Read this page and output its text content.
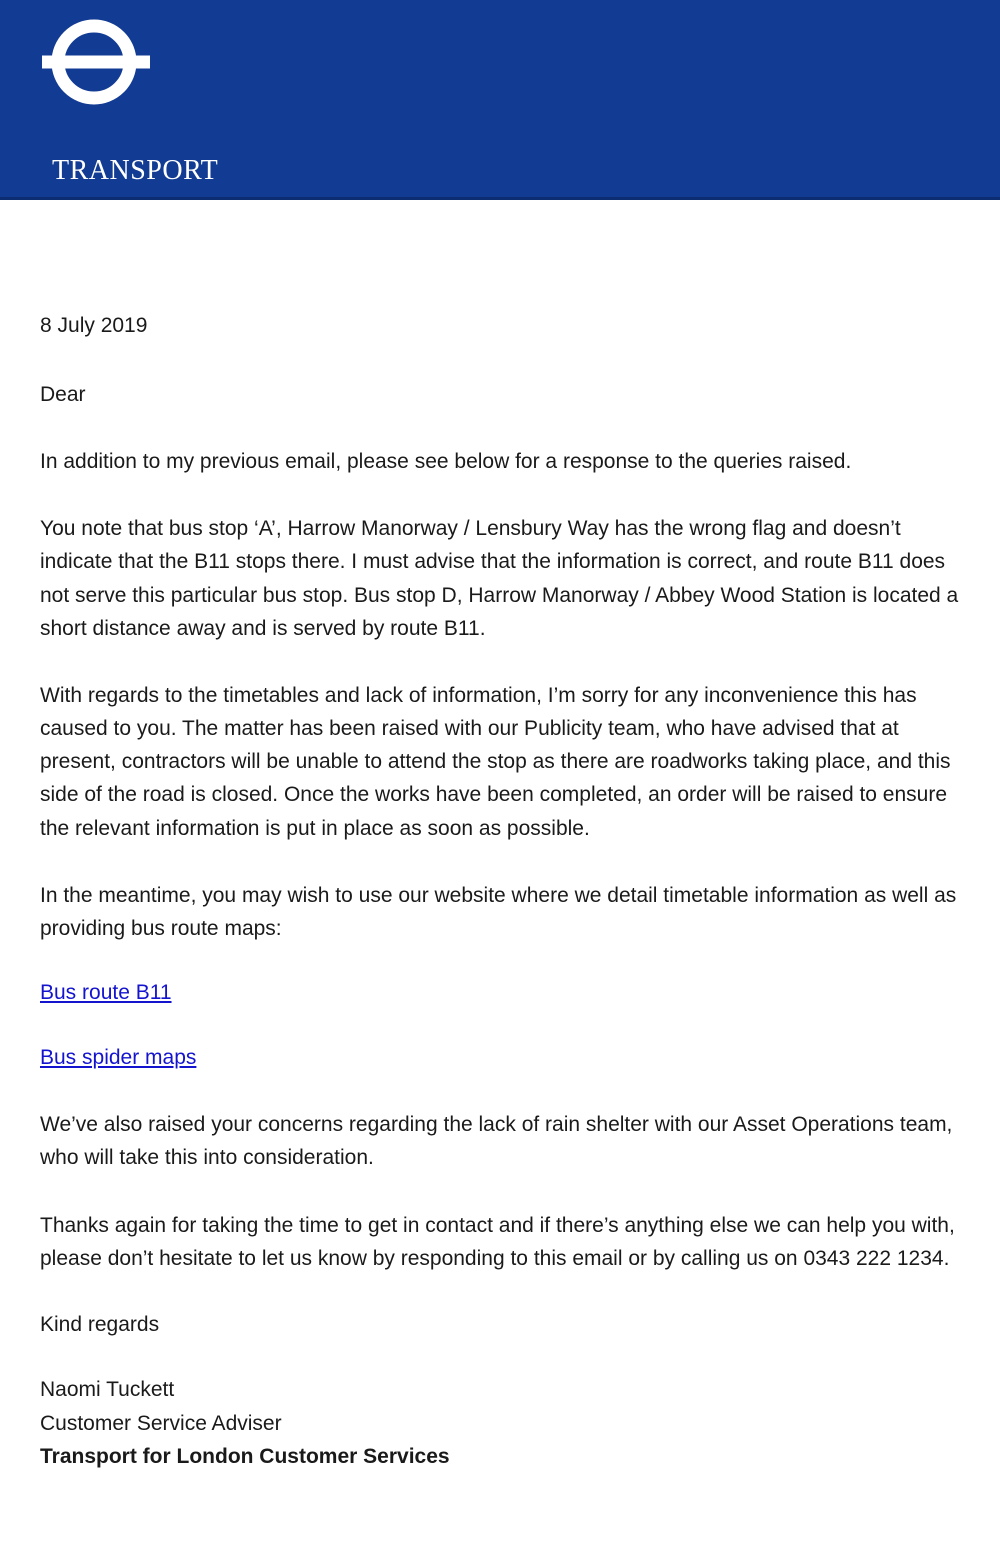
TRANSPORT

FOR LONDON

8 July 2019

Dear

In addition to my previous email, please see below for a response to the queries raised.

You note that bus stop ‘A’, Harrow Manorway / Lensbury Way has the wrong flag and doesn’t indicate that the B11 stops there. I must advise that the information is correct, and route B11 does not serve this particular bus stop. Bus stop D, Harrow Manorway / Abbey Wood Station is located a short distance away and is served by route B11.

With regards to the timetables and lack of information, I’m sorry for any inconvenience this has caused to you. The matter has been raised with our Publicity team, who have advised that at present, contractors will be unable to attend the stop as there are roadworks taking place, and this side of the road is closed. Once the works have been completed, an order will be raised to ensure the relevant information is put in place as soon as possible.

In the meantime, you may wish to use our website where we detail timetable information as well as providing bus route maps:

Bus route B11

Bus spider maps

We’ve also raised your concerns regarding the lack of rain shelter with our Asset Operations team, who will take this into consideration.

Thanks again for taking the time to get in contact and if there’s anything else we can help you with, please don’t hesitate to let us know by responding to this email or by calling us on 0343 222 1234.

Kind regards

Naomi Tuckett
Customer Service Adviser
Transport for London Customer Services
